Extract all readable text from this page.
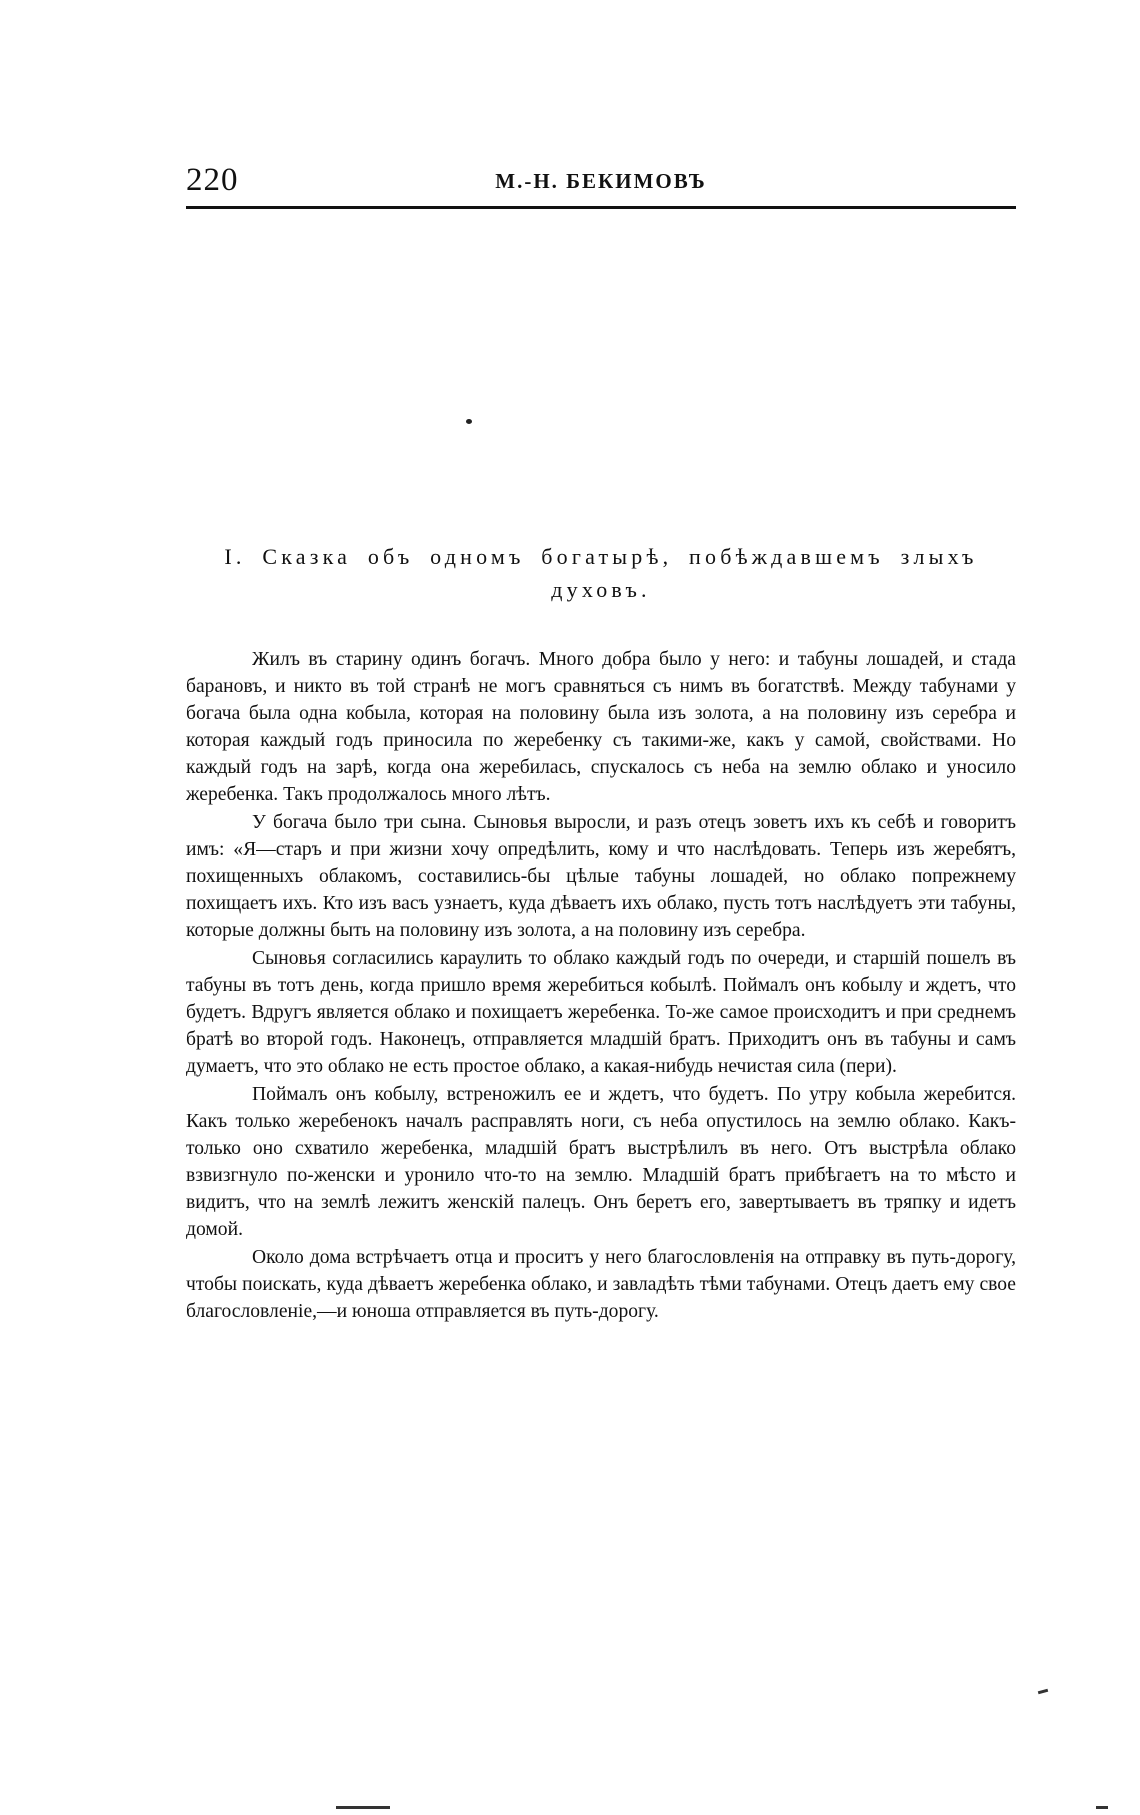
220	М.-Н. БЕКИМОВЪ
I. Сказка объ одномъ богатырѣ, побѣждавшемъ злыхъ духовъ.

Жилъ въ старину одинъ богачъ. Много добра было у него: и табуны лошадей, и стада барановъ, и никто въ той странѣ не могъ сравняться съ нимъ въ богатствѣ. Между табунами у богача была одна кобыла, которая на половину была изъ золота, а на половину изъ серебра и которая каждый годъ приносила по жеребенку съ такими-же, какъ у самой, свойствами. Но каждый годъ на зарѣ, когда она жеребилась, спускалось съ неба на землю облако и уносило жеребенка. Такъ продолжалось много лѣтъ.

У богача было три сына. Сыновья выросли, и разъ отецъ зоветъ ихъ къ себѣ и говоритъ имъ: «Я—старъ и при жизни хочу опредѣлить, кому и что наслѣдовать. Теперь изъ жеребятъ, похищенныхъ облакомъ, составились-бы цѣлые табуны лошадей, но облако попрежнему похищаетъ ихъ. Кто изъ васъ узнаетъ, куда дѣваетъ ихъ облако, пусть тотъ наслѣдуетъ эти табуны, которые должны быть на половину изъ золота, а на половину изъ серебра.

Сыновья согласились караулить то облако каждый годъ по очереди, и старшій пошелъ въ табуны въ тотъ день, когда пришло время жеребиться кобылѣ. Поймалъ онъ кобылу и ждетъ, что будетъ. Вдругъ является облако и похищаетъ жеребенка. То-же самое происходитъ и при среднемъ братѣ во второй годъ. Наконецъ, отправляется младшій братъ. Приходитъ онъ въ табуны и самъ думаетъ, что это облако не есть простое облако, а какая-нибудь нечистая сила (пери).

Поймалъ онъ кобылу, встреножилъ ее и ждетъ, что будетъ. По утру кобыла жеребится. Какъ только жеребенокъ началъ расправлять ноги, съ неба опустилось на землю облако. Какъ-только оно схватило жеребенка, младшій братъ выстрѣлилъ въ него. Отъ выстрѣла облако взвизгнуло по-женски и уронило что-то на землю. Младшій братъ прибѣгаетъ на то мѣсто и видитъ, что на землѣ лежитъ женскій палецъ. Онъ беретъ его, завертываетъ въ тряпку и идетъ домой.

Около дома встрѣчаетъ отца и проситъ у него благословленія на отправку въ путь-дорогу, чтобы поискать, куда дѣваетъ жеребенка облако, и завладѣть тѣми табунами. Отецъ даетъ ему свое благословленіе,—и юноша отправляется въ путь-дорогу.
